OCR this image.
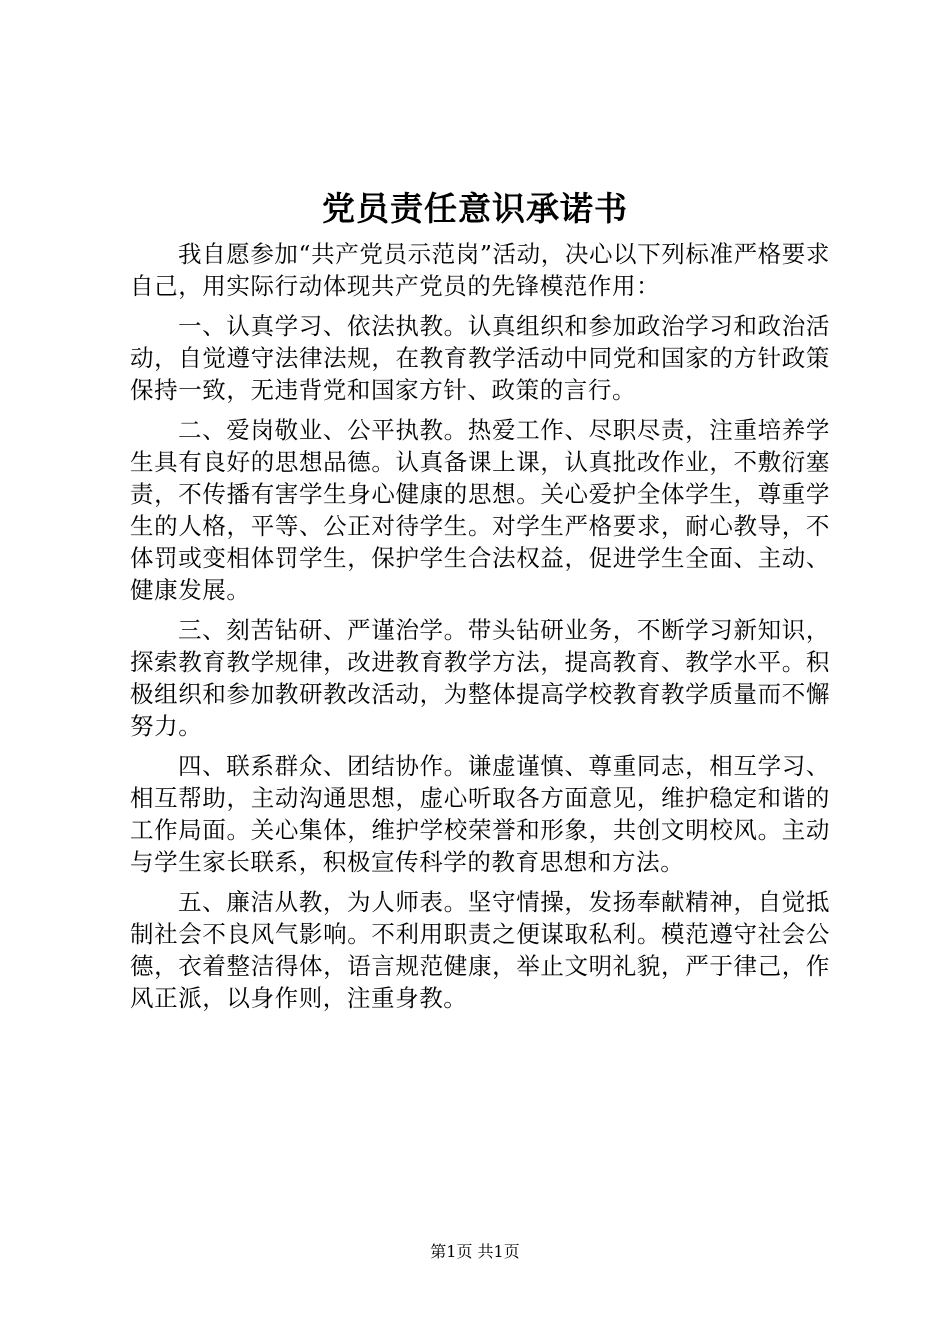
党员责任意识承诺书

我自愿参加“共产党员示范岗”活动，决心以下列标准严格要求自己，用实际行动体现共产党员的先锋模范作用：

一、认真学习、依法执教。认真组织和参加政治学习和政治活动，自觉遵守法律法规，在教育教学活动中同党和国家的方针政策保持一致，无违背党和国家方针、政策的言行。

二、爱岗敬业、公平执教。热爱工作、尽职尽责，注重培养学生具有良好的思想品德。认真备课上课，认真批改作业，不敷衍塞责，不传播有害学生身心健康的思想。关心爱护全体学生，尊重学生的人格，平等、公正对待学生。对学生严格要求，耐心教导，不体罚或变相体罚学生，保护学生合法权益，促进学生全面、主动、健康发展。

三、刻苦钻研、严谨治学。带头钻研业务，不断学习新知识，探索教育教学规律，改进教育教学方法，提高教育、教学水平。积极组织和参加教研教改活动，为整体提高学校教育教学质量而不懈努力。

四、联系群众、团结协作。谦虚谨慎、尊重同志，相互学习、相互帮助，主动沟通思想，虚心听取各方面意见，维护稳定和谐的工作局面。关心集体，维护学校荣誉和形象，共创文明校风。主动与学生家长联系，积极宣传科学的教育思想和方法。

五、廉洁从教，为人师表。坚守情操，发扬奉献精神，自觉抵制社会不良风气影响。不利用职责之便谋取私利。模范遵守社会公德，衣着整洁得体，语言规范健康，举止文明礼貌，严于律己，作风正派，以身作则，注重身教。

第1页 共1页
